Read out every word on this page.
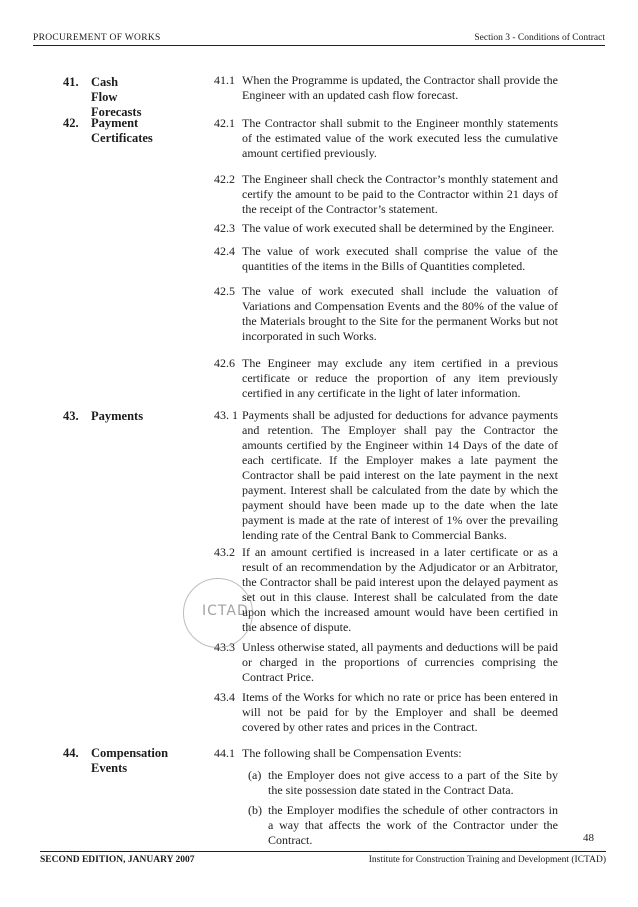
PROCUREMENT OF WORKS	Section 3 - Conditions of Contract
41. Cash Flow
Forecasts
42. Payment
Certificates
43. Payments
44. Compensation
Events
41.1 When the Programme is updated, the Contractor shall provide the Engineer with an updated cash flow forecast.
42.1 The Contractor shall submit to the Engineer monthly statements of the estimated value of the work executed less the cumulative amount certified previously.
42.2 The Engineer shall check the Contractor’s monthly statement and certify the amount to be paid to the Contractor within 21 days of the receipt of the Contractor’s statement.
42.3 The value of work executed shall be determined by the Engineer.
42.4 The value of work executed shall comprise the value of the quantities of the items in the Bills of Quantities completed.
42.5 The value of work executed shall include the valuation of Variations and Compensation Events and the 80% of the value of the Materials brought to the Site for the permanent Works but not incorporated in such Works.
42.6 The Engineer may exclude any item certified in a previous certificate or reduce the proportion of any item previously certified in any certificate in the light of later information.
43. 1 Payments shall be adjusted for deductions for advance payments and retention. The Employer shall pay the Contractor the amounts certified by the Engineer within 14 Days of the date of each certificate. If the Employer makes a late payment the Contractor shall be paid interest on the late payment in the next payment. Interest shall be calculated from the date by which the payment should have been made up to the date when the late payment is made at the rate of interest of 1% over the prevailing lending rate of the Central Bank to Commercial Banks.
43.2 If an amount certified is increased in a later certificate or as a result of an recommendation by the Adjudicator or an Arbitrator, the Contractor shall be paid interest upon the delayed payment as set out in this clause. Interest shall be calculated from the date upon which the increased amount would have been certified in the absence of dispute.
43.3 Unless otherwise stated, all payments and deductions will be paid or charged in the proportions of currencies comprising the Contract Price.
43.4 Items of the Works for which no rate or price has been entered in will not be paid for by the Employer and shall be deemed covered by other rates and prices in the Contract.
44.1 The following shall be Compensation Events:
(a) the Employer does not give access to a part of the Site by the site possession date stated in the Contract Data.
(b) the Employer modifies the schedule of other contractors in a way that affects the work of the Contractor under the Contract.
ICTAD
48
SECOND EDITION, JANUARY 2007	Institute for Construction Training and Development (ICTAD)
